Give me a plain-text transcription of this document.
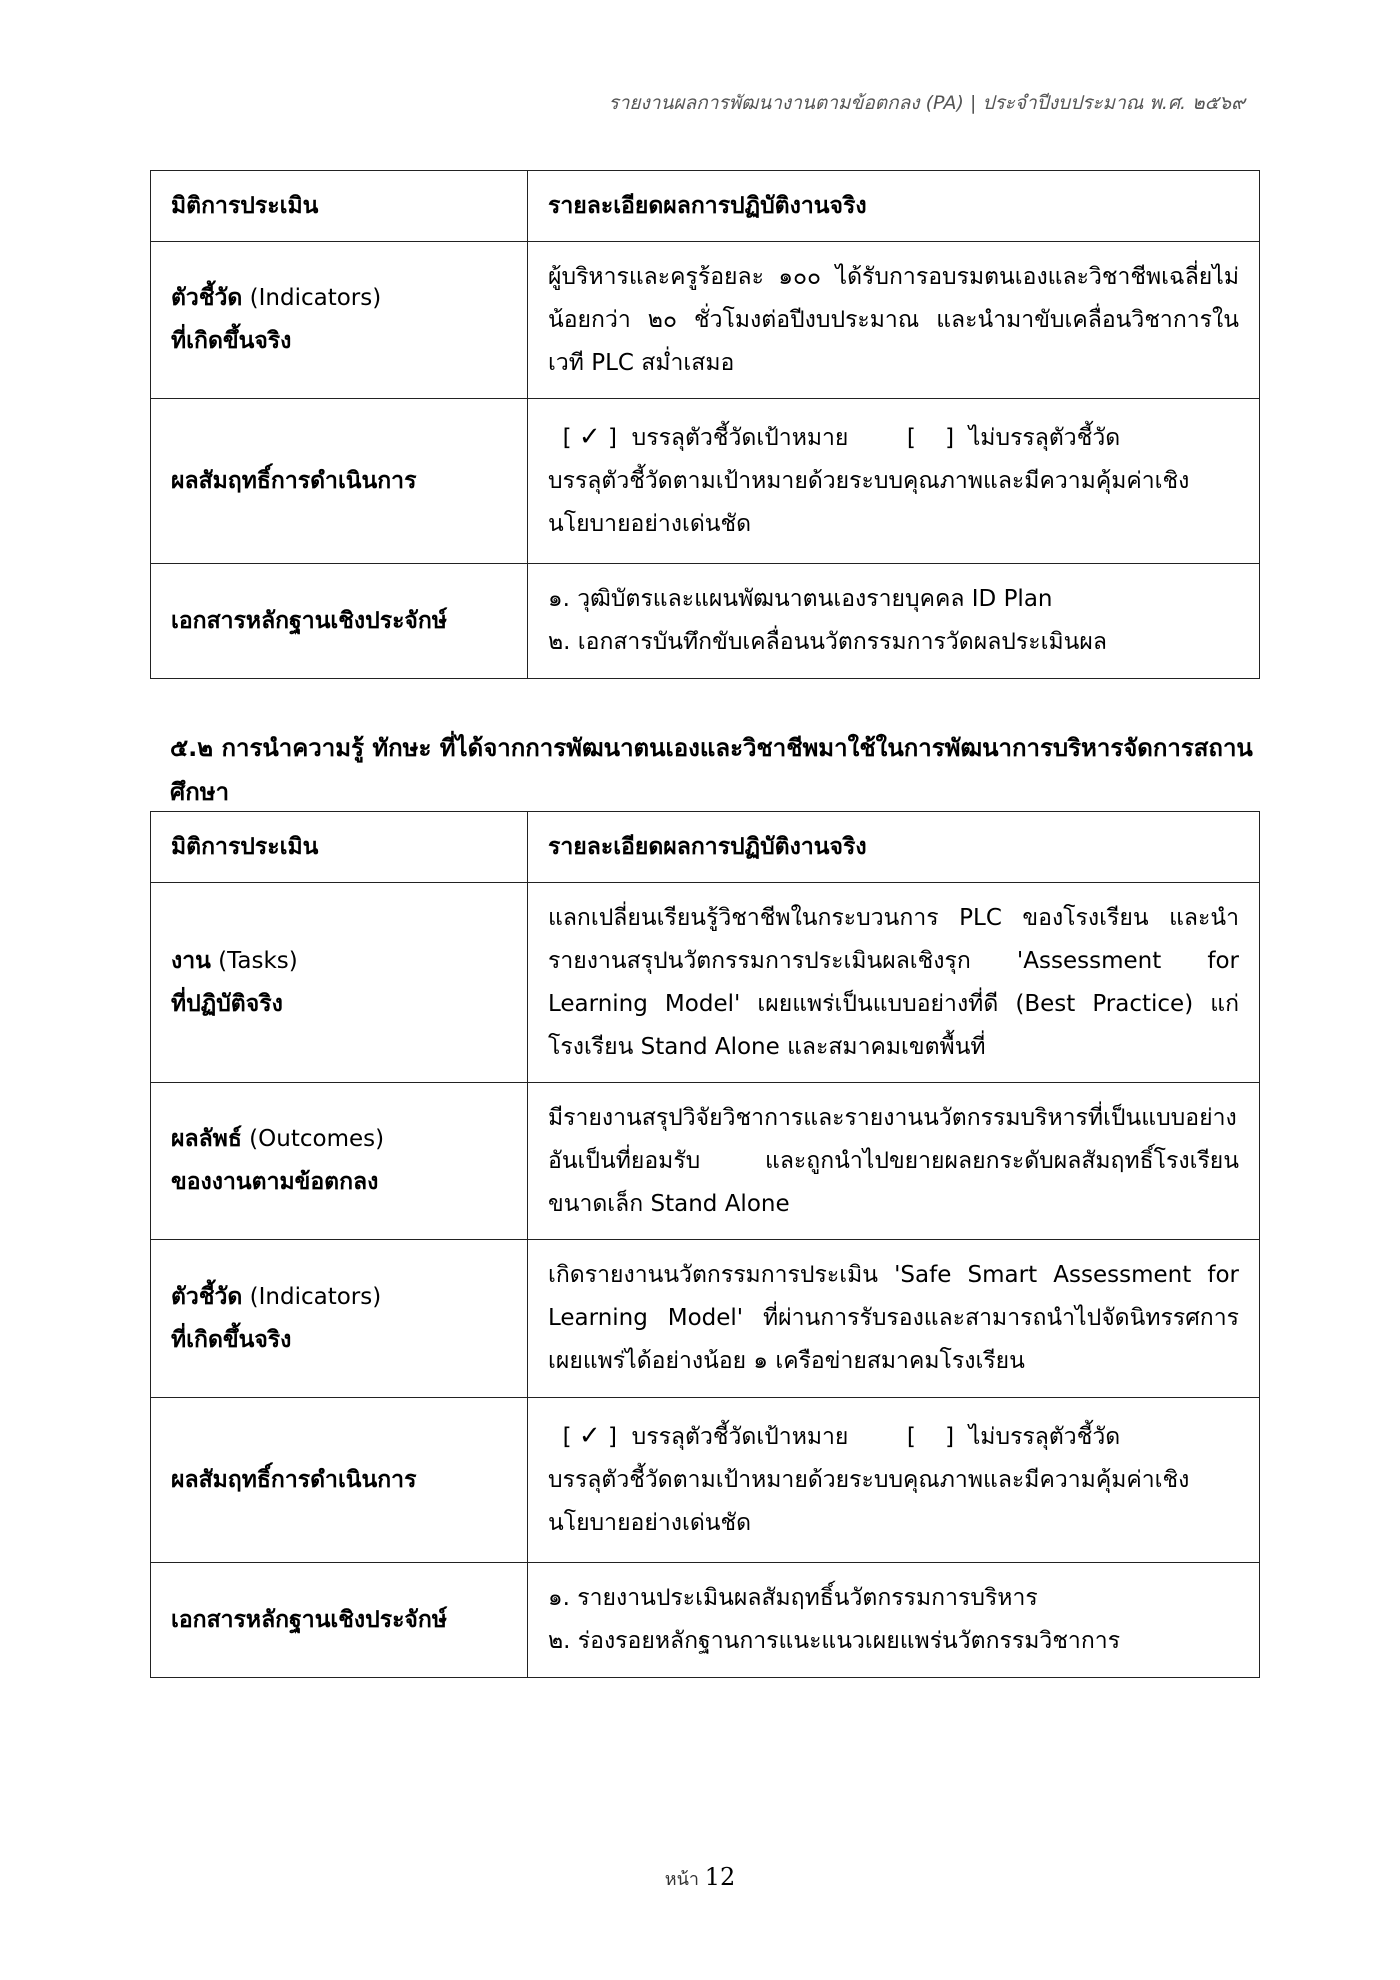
รายงานผลการพัฒนางานตามข้อตกลง (PA) | ประจำปีงบประมาณ พ.ศ. ๒๕๖๙
มิติการประเมิน	รายละเอียดผลการปฏิบัติงานจริง
ตัวชี้วัด (Indicators)
ที่เกิดขึ้นจริง	ผู้บริหารและครูร้อยละ ๑๐๐ ได้รับการอบรมตนเองและวิชาชีพเฉลี่ยไม่น้อยกว่า ๒๐ ชั่วโมงต่อปีงบประมาณ และนำมาขับเคลื่อนวิชาการในเวที PLC สม่ำเสมอ
ผลสัมฤทธิ์การดำเนินการ	[ ✓ ]  บรรลุตัวชี้วัดเป้าหมาย        [    ]  ไม่บรรลุตัวชี้วัด
บรรลุตัวชี้วัดตามเป้าหมายด้วยระบบคุณภาพและมีความคุ้มค่าเชิงนโยบายอย่างเด่นชัด

เอกสารหลักฐานเชิงประจักษ์	๑. วุฒิบัตรและแผนพัฒนาตนเองรายบุคคล ID Plan
๒. เอกสารบันทึกขับเคลื่อนนวัตกรรมการวัดผลประเมินผล
๕.๒ การนำความรู้ ทักษะ ที่ได้จากการพัฒนาตนเองและวิชาชีพมาใช้ในการพัฒนาการบริหารจัดการสถานศึกษา
มิติการประเมิน	รายละเอียดผลการปฏิบัติงานจริง
งาน (Tasks)
ที่ปฏิบัติจริง	แลกเปลี่ยนเรียนรู้วิชาชีพในกระบวนการ PLC ของโรงเรียน และนำรายงานสรุปนวัตกรรมการประเมินผลเชิงรุก 'Assessment for Learning Model' เผยแพร่เป็นแบบอย่างที่ดี (Best Practice) แก่โรงเรียน Stand Alone และสมาคมเขตพื้นที่
ผลลัพธ์ (Outcomes)
ของงานตามข้อตกลง	มีรายงานสรุปวิจัยวิชาการและรายงานนวัตกรรมบริหารที่เป็นแบบอย่างอันเป็นที่ยอมรับ และถูกนำไปขยายผลยกระดับผลสัมฤทธิ์โรงเรียนขนาดเล็ก Stand Alone
ตัวชี้วัด (Indicators)
ที่เกิดขึ้นจริง	เกิดรายงานนวัตกรรมการประเมิน 'Safe Smart Assessment for Learning Model' ที่ผ่านการรับรองและสามารถนำไปจัดนิทรรศการเผยแพร่ได้อย่างน้อย ๑ เครือข่ายสมาคมโรงเรียน
ผลสัมฤทธิ์การดำเนินการ	[ ✓ ]  บรรลุตัวชี้วัดเป้าหมาย        [    ]  ไม่บรรลุตัวชี้วัด
บรรลุตัวชี้วัดตามเป้าหมายด้วยระบบคุณภาพและมีความคุ้มค่าเชิงนโยบายอย่างเด่นชัด

เอกสารหลักฐานเชิงประจักษ์	๑. รายงานประเมินผลสัมฤทธิ์นวัตกรรมการบริหาร
๒. ร่องรอยหลักฐานการแนะแนวเผยแพร่นวัตกรรมวิชาการ
หน้า 12
